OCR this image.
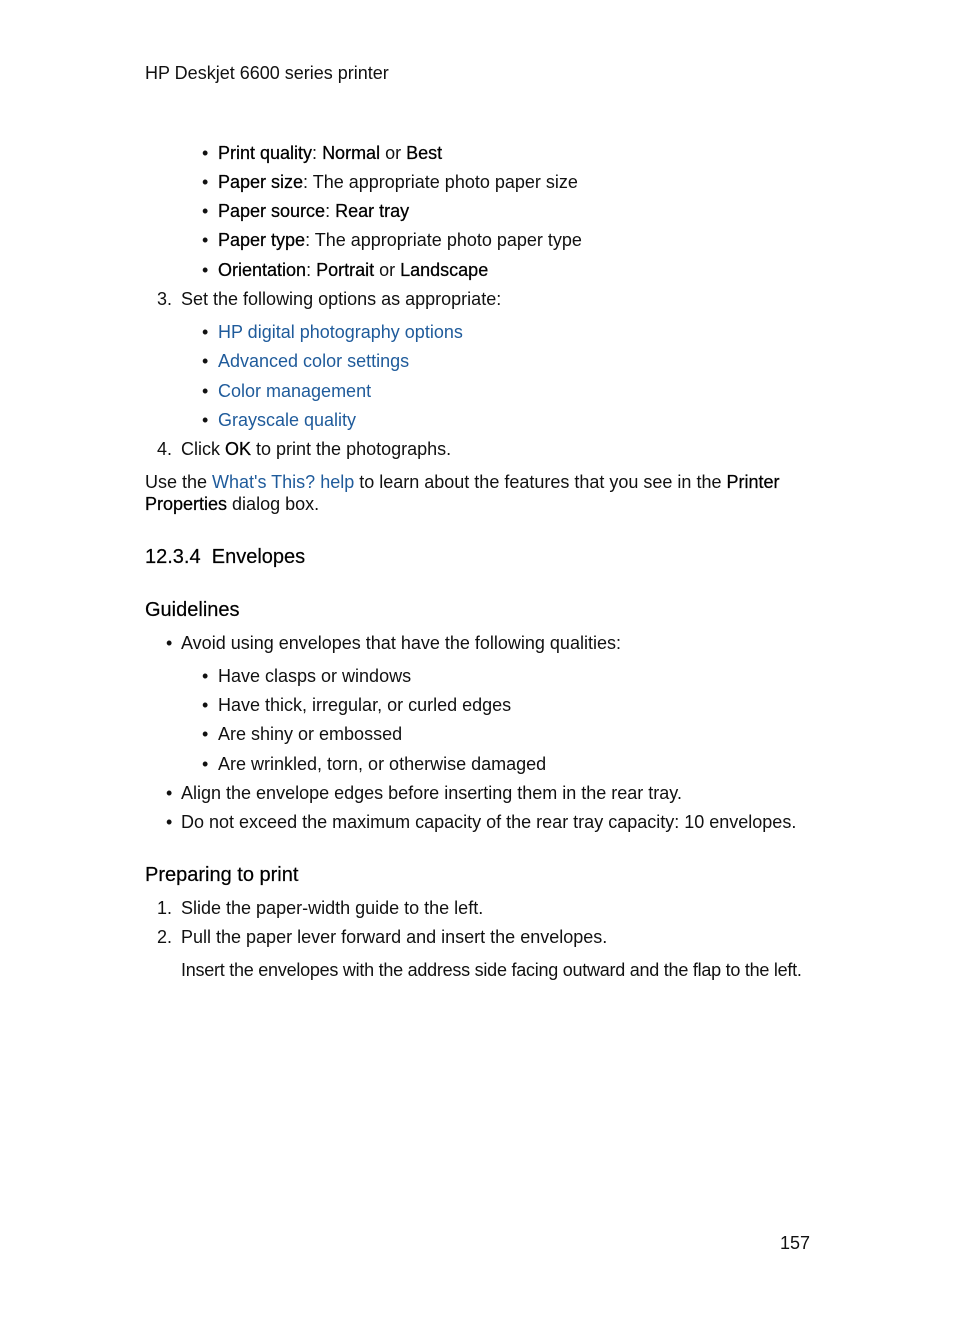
HP Deskjet 6600 series printer
• Print quality: Normal or Best
• Paper size: The appropriate photo paper size
• Paper source: Rear tray
• Paper type: The appropriate photo paper type
• Orientation: Portrait or Landscape
3. Set the following options as appropriate:
• HP digital photography options
• Advanced color settings
• Color management
• Grayscale quality
4. Click OK to print the photographs.
Use the What's This? help to learn about the features that you see in the Printer Properties dialog box.
12.3.4 Envelopes
Guidelines
• Avoid using envelopes that have the following qualities:
• Have clasps or windows
• Have thick, irregular, or curled edges
• Are shiny or embossed
• Are wrinkled, torn, or otherwise damaged
• Align the envelope edges before inserting them in the rear tray.
• Do not exceed the maximum capacity of the rear tray capacity: 10 envelopes.
Preparing to print
1. Slide the paper-width guide to the left.
2. Pull the paper lever forward and insert the envelopes.
Insert the envelopes with the address side facing outward and the flap to the left.
157
